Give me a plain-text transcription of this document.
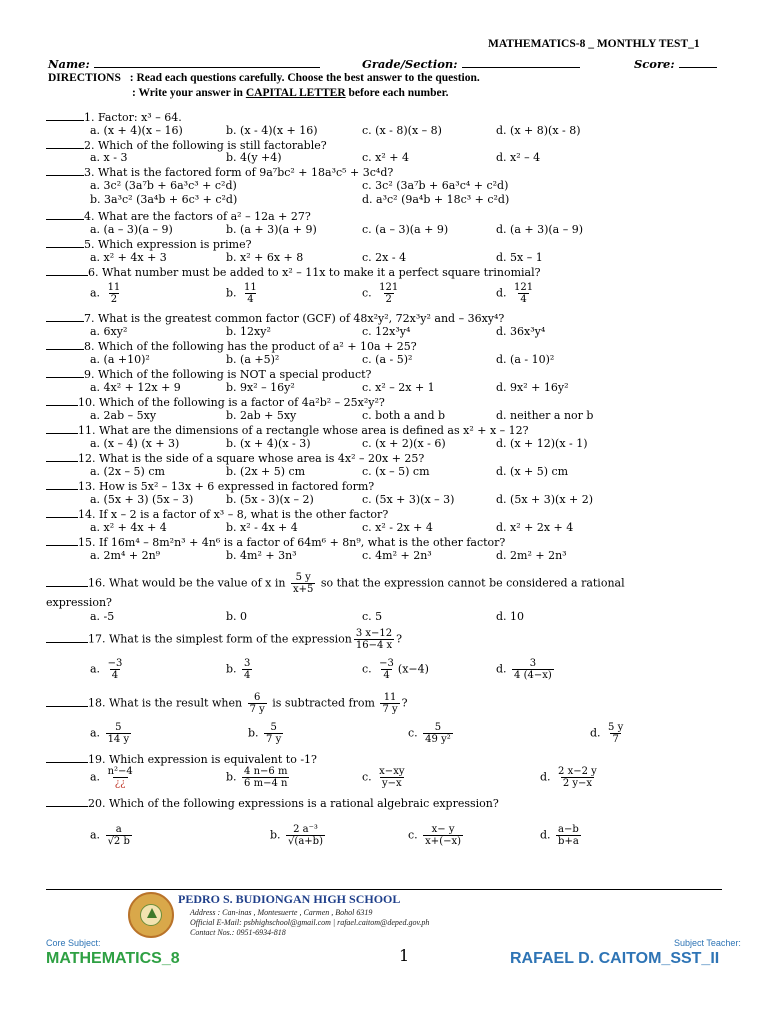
MATHEMATICS-8 _ MONTHLY TEST_1
Name:	Grade/Section:	Score:
DIRECTIONS : Read each questions carefully. Choose the best answer to the question.
: Write your answer in CAPITAL LETTER before each number.
1. Factor: x³ – 64.
a. (x + 4)(x – 16)	b. (x - 4)(x + 16)	c. (x - 8)(x – 8)	d. (x + 8)(x - 8)
2. Which of the following is still factorable?
a. x - 3	b. 4(y +4)	c. x² + 4	d. x² – 4
3. What is the factored form of 9a⁷bc² + 18a³c⁵ + 3c⁴d?
a. 3c² (3a⁷b + 6a³c³ + c²d)	c. 3c² (3a⁷b + 6a³c⁴ + c²d)
b. 3a³c² (3a⁴b + 6c³ + c²d)	d. a³c² (9a⁴b + 18c³ + c²d)
4. What are the factors of a² – 12a + 27?
a. (a – 3)(a – 9)	b. (a + 3)(a + 9)	c. (a – 3)(a + 9)	d. (a + 3)(a – 9)
5. Which expression is prime?
a. x² + 4x + 3	b. x² + 6x + 8	c. 2x - 4	d. 5x – 1
7. What is the greatest common factor (GCF) of 48x²y², 72x³y² and – 36xy⁴?
a. 6xy²	b. 12xy²	c. 12x³y⁴	d. 36x³y⁴
8. Which of the following has the product of a² + 10a + 25?
a. (a +10)²	b. (a +5)²	c. (a - 5)²	d. (a - 10)²
9. Which of the following is NOT a special product?
a. 4x² + 12x + 9	b. 9x² – 16y²	c. x² – 2x + 1	d. 9x² + 16y²
10. Which of the following is a factor of 4a²b² – 25x²y²?
a. 2ab – 5xy	b. 2ab + 5xy	c. both a and b	d. neither a nor b
11. What are the dimensions of a rectangle whose area is defined as x² + x – 12?
a. (x – 4) (x + 3)	b. (x + 4)(x - 3)	c. (x + 2)(x - 6)	d. (x + 12)(x - 1)
12. What is the side of a square whose area is 4x² – 20x + 25?
a. (2x – 5) cm	b. (2x + 5) cm	c. (x – 5) cm	d. (x + 5) cm
13. How is 5x² – 13x + 6 expressed in factored form?
a. (5x + 3) (5x – 3)	b. (5x - 3)(x – 2)	c. (5x + 3)(x – 3)	d. (5x + 3)(x + 2)
14. If x – 2 is a factor of x³ – 8, what is the other factor?
a. x² + 4x + 4	b. x² - 4x + 4	c. x² - 2x + 4	d. x² + 2x + 4
15. If 16m⁴ – 8m²n³ + 4n⁶ is a factor of 64m⁶ + 8n⁹, what is the other factor?
a. 2m⁴ + 2n⁹	b. 4m² + 3n³	c. 4m² + 2n³	d. 2m² + 2n³
6. What number must be added to x² – 11x to make it a perfect square trinomial?
a. $\frac{11}{2}$	b. $\frac{11}{4}$	c. $\frac{121}{2}$	d. $\frac{121}{4}$
16. What would be the value of x in $\frac{5 y}{x+5}$ so that the expression cannot be considered a rational
expression?
a. -5	b. 0	c. 5	d. 10
17. What is the simplest form of the expression $\frac{3 x-12}{16-4 x}$ ?
a. $\frac{-3}{4}$	b. $\frac{3}{4}$	c. $\frac{-3}{4} (x-4)$	d. $\frac{3}{4 (4-x)}$
18. What is the result when $\frac{6}{7 y}$ is subtracted from $\frac{11}{7 y}$ ?
a. $\frac{5}{14 y}$	b. $\frac{5}{7 y}$	c. $\frac{5}{\text{49 y²}}$	d. $\frac{5 y}{7}$
19. Which expression is equivalent to -1?
a. $\frac{\text{n²−4}}{¿¿}$	b. $\frac{4 n-6 m}{6 m-4 n}$	c. $\frac{x-xy}{y-x}$	d. $\frac{2 x-2 y}{2 y-x}$
20. Which of the following expressions is a rational algebraic expression?
a. $\frac{a}{√2 b}$	b. $\frac{\text{2 a⁻³}}{√(a+b)}$	c. $\frac{x- y}{x+(-x)}$	d. $\frac{a-b}{b+a}$
PEDRO S. BUDIONGAN HIGH SCHOOL
Address : Can-inas , Montesuerte , Carmen , Bohol 6319
Official E-Mail: psbhighschool@gmail.com | rafael.caitom@deped.gov.ph
Contact Nos.: 0951-6934-818
Core Subject:	Subject Teacher:
MATHEMATICS_8	1	RAFAEL D. CAITOM_SST_II
